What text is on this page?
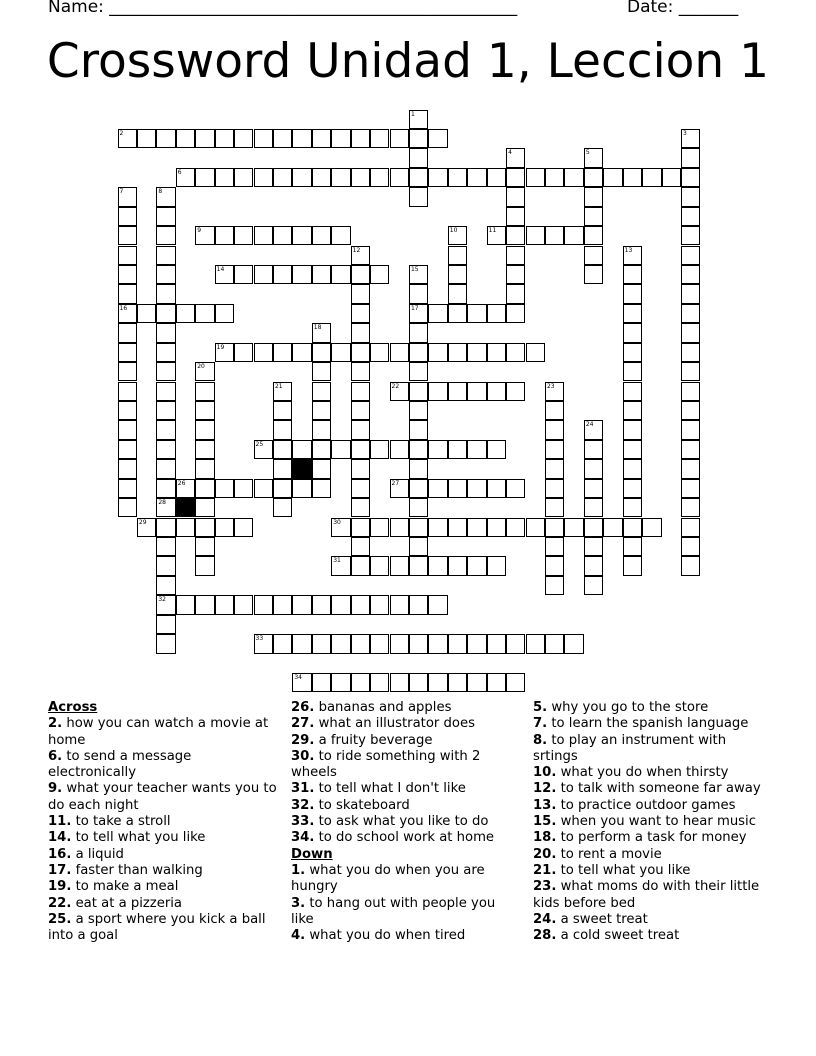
Name: ________________________________________________	Date: _______
Crossword Unidad 1, Leccion 1
1
2	3
4	5
6
7
16
8
28
9	10	11
12	13
14	15
17
18
19
20
21	22	23
24
25
26	27
32
29	30
31
33
34
Across
2. how you can watch a movie at home
6. to send a message electronically
9. what your teacher wants you to do each night
11. to take a stroll
14. to tell what you like
16. a liquid
17. faster than walking
19. to make a meal
22. eat at a pizzeria
25. a sport where you kick a ball into a goal
26. bananas and apples
27. what an illustrator does
29. a fruity beverage
30. to ride something with 2 wheels
31. to tell what I don't like
32. to skateboard
33. to ask what you like to do
34. to do school work at home
Down
1. what you do when you are hungry
3. to hang out with people you like
4. what you do when tired
5. why you go to the store
7. to learn the spanish language
8. to play an instrument with srtings
10. what you do when thirsty
12. to talk with someone far away
13. to practice outdoor games
15. when you want to hear music
18. to perform a task for money
20. to rent a movie
21. to tell what you like
23. what moms do with their little kids before bed
24. a sweet treat
28. a cold sweet treat
